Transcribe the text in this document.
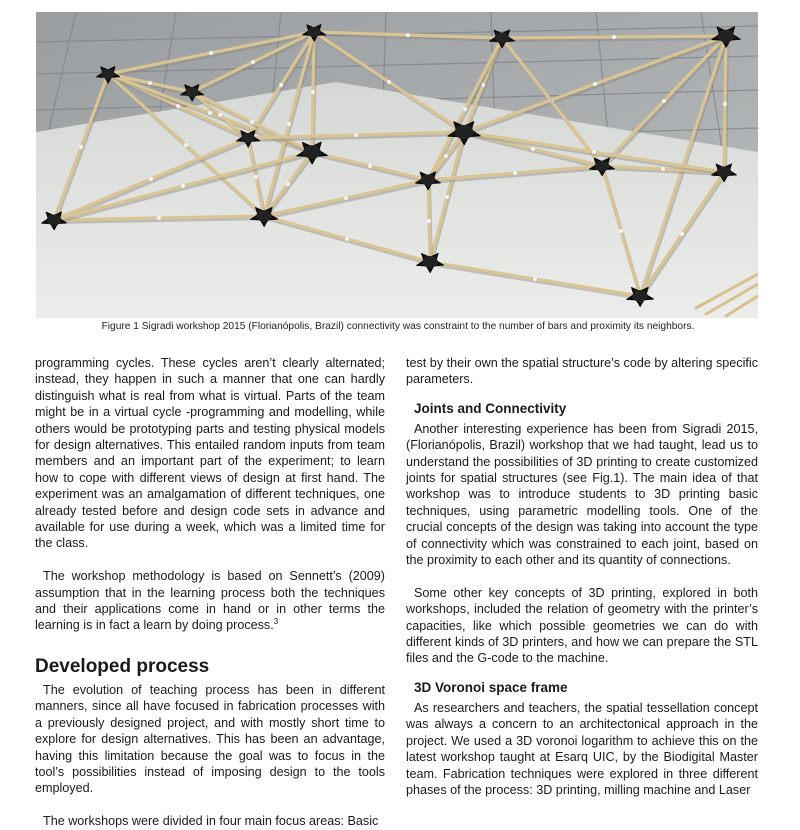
Figure 1 Sigradi workshop 2015 (Florianópolis, Brazil) connectivity was constraint to the number of bars and proximity its neighbors.

programming cycles. These cycles aren’t clearly alternated; instead, they happen in such a manner that one can hardly distinguish what is real from what is virtual. Parts of the team might be in a virtual cycle -programming and modelling, while others would be prototyping parts and testing physical models for design alternatives. This entailed random inputs from team members and an important part of the experiment; to learn how to cope with different views of design at first hand. The experiment was an amalgamation of different techniques, one already tested before and design code sets in advance and available for use during a week, which was a limited time for the class.

The workshop methodology is based on Sennett’s (2009) assumption that in the learning process both the techniques and their applications come in hand or in other terms the learning is in fact a learn by doing process.$^3$

Developed process

The evolution of teaching process has been in different manners, since all have focused in fabrication processes with a previously designed project, and with mostly short time to explore for design alternatives. This has been an advantage, having this limitation because the goal was to focus in the tool’s possibilities instead of imposing design to the tools employed.

The workshops were divided in four main focus areas: Basic

test by their own the spatial structure’s code by altering specific parameters.

Joints and Connectivity

Another interesting experience has been from Sigradi 2015, (Florianópolis, Brazil) workshop that we had taught, lead us to understand the possibilities of 3D printing to create customized joints for spatial structures (see Fig.1). The main idea of that workshop was to introduce students to 3D printing basic techniques, using parametric modelling tools. One of the crucial concepts of the design was taking into account the type of connectivity which was constrained to each joint, based on the proximity to each other and its quantity of connections.

Some other key concepts of 3D printing, explored in both workshops, included the relation of geometry with the printer’s capacities, like which possible geometries we can do with different kinds of 3D printers, and how we can prepare the STL files and the G-code to the machine.

3D Voronoi space frame

As researchers and teachers, the spatial tessellation concept was always a concern to an architectonical approach in the project. We used a 3D voronoi logarithm to achieve this on the latest workshop taught at Esarq UIC, by the Biodigital Master team. Fabrication techniques were explored in three different phases of the process: 3D printing, milling machine and Laser
